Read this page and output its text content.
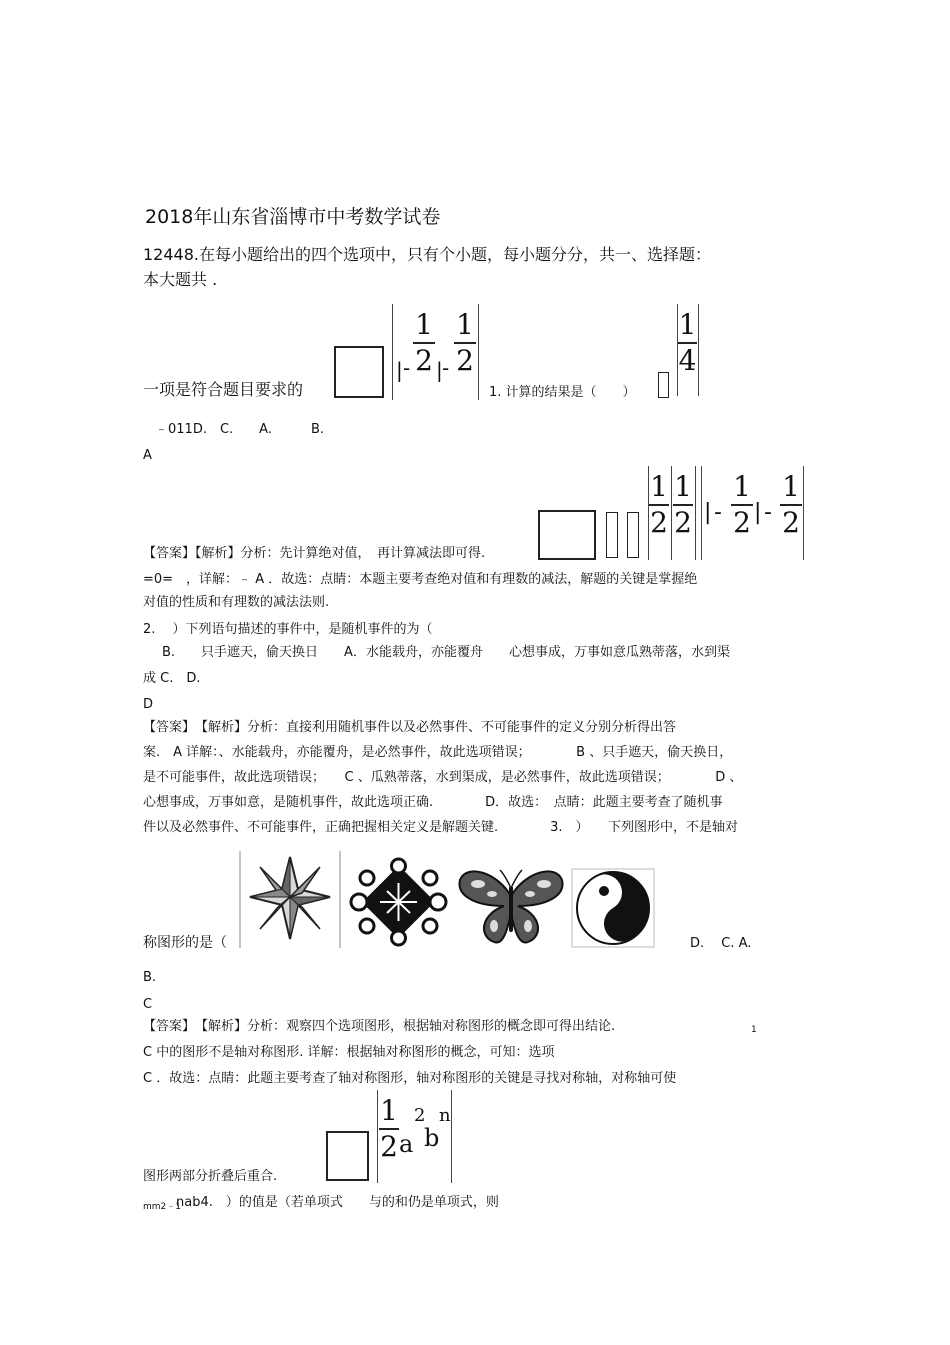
2018年山东省淄博市中考数学试卷
12448.在每小题给出的四个选项中，只有个小题，每小题分分，共一、选择题：
本大题共 .
一项是符合题目要求的
| -
1
2 | -
1
2
1. 计算的结果是（　　）
1
4
﹣011D.　C.　　A.　　　B.
A
【答案】【解析】分析：先计算绝对值，　再计算减法即可得.
1
2
1
2 | -
1
2 | -
1
2
=0=　，详解：﹣ A ．故选：点睛：本题主要考查绝对值和有理数的减法，解题的关键是掌握绝
对值的性质和有理数的减法法则.
2.　 ）下列语句描述的事件中，是随机事件的为（
B.　　只手遮天，偷天换日　　A．水能载舟，亦能覆舟　　心想事成，万事如意瓜熟蒂落，水到渠
成 C.　D.
D
【答案】　【解析】分析：直接利用随机事件以及必然事件、不可能事件的定义分别分析得出答
案.　A 详解：、水能载舟，亦能覆舟，是必然事件，故此选项错误；　　　　B 、只手遮天，偷天换日，
是不可能事件，故此选项错误；　　C 、瓜熟蒂落，水到渠成，是必然事件，故此选项错误；　　　　D 、
心想事成，万事如意，是随机事件，故此选项正确.　　　　D．故选：　点睛：此题主要考查了随机事
件以及必然事件、不可能事件，正确把握相关定义是解题关键.　　　　3.　）　　下列图形中，不是轴对
称图形的是（	D.　 C. A.
B.
C
【答案】　【解析】分析：观察四个选项图形，根据轴对称图形的概念即可得出结论.	1
C 中的图形不是轴对称图形. 详解：根据轴对称图形的概念，可知：选项
C ．故选：点睛：此题主要考查了轴对称图形，轴对称图形的关键是寻找对称轴，对称轴可使
1
2 a
2
b
n
图形两部分折叠后重合.
mm2﹣1
nab4.　）的值是（若单项式　　与的和仍是单项式，则
